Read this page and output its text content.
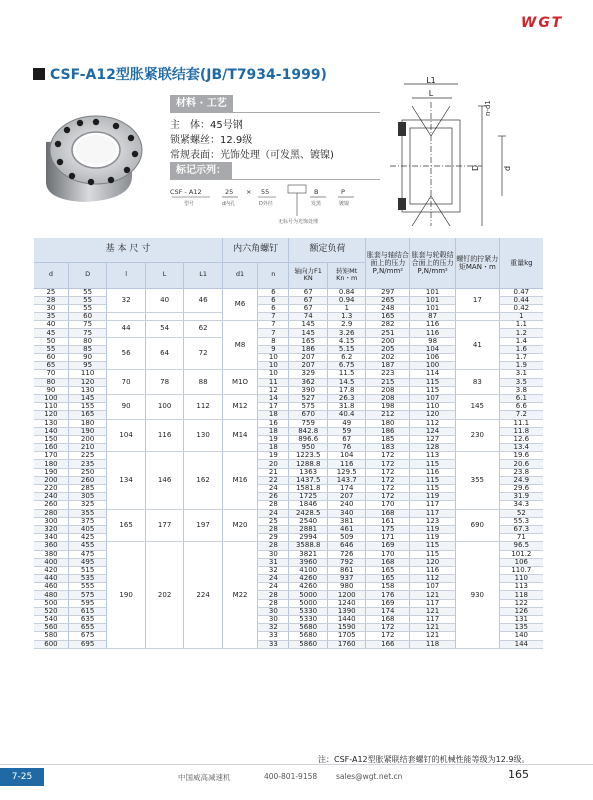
WGT
CSF-A12型胀紧联结套(JB/T7934-1999)
材料 · 工艺
主　体：45号钢
锁紧螺丝：12.9级
常规表面：光饰处理（可发黑、镀镍)
标记示列：
CSF - A12	25 × 55	B	P
型号	d内孔	D外径	发黑	镀镍
无标号为光饰处理
L1
L
n-d1
D	d
基 本 尺 寸					内六角螺钉		额定负荷		胀套与轴结合面上的压力P,N/mm²	胀套与轮毂结合面上的压力P,N/mm²	螺钉的拧紧力矩MAN・m	重量kg
d	D	l	L	L1	d1	n	轴向力F1 KN	转矩Mt Kn・m				
25	55	32	40	46	M6	6	67	0.84	297	101	17	0.47
28	55					6	67	0.94	265	101		0.44
30	55					6	67	1	248	101		0.42
35	60					7	74	1.3	165	87		1
40	75	44	54	62	M8	7	145	2.9	282	116	41	1.1
45	75					7	145	3.26	251	116		1.2
50	80	56	64	72		8	165	4.15	200	98		1.4
55	85					9	186	5.15	205	104		1.6
60	90					10	207	6.2	202	106		1.7
65	95					10	207	6.75	187	100		1.9
70	110	70	78	88	M1O	10	329	11.5	223	114	83	3.1
80	120					11	362	14.5	215	115		3.5
90	130					12	390	17.8	208	115		3.8
100	145	90	100	112	M12	14	527	26.3	208	107	145	6.1
110	155					17	575	31.8	198	110		6.6
120	165					18	670	40.4	212	120		7.2
130	180	104	116	130	M14	16	759	49	180	112	230	11.1
140	190					18	842.8	59	186	124		11.8
150	200					19	896.6	67	185	127		12.6
160	210					18	950	76	183	128		13.4
170	225	134	146	162	M16	19	1223.5	104	172	113	355	19.6
180	235					20	1288.8	116	172	115		20.6
190	250					21	1363	129.5	172	116		23.8
200	260					22	1437.5	143.7	172	115		24.9
220	285					24	1581.8	174	172	115		29.6
240	305					26	1725	207	172	119		31.9
260	325					28	1846	240	170	117		34.3
280	355	165	177	197	M20	24	2428.5	340	168	117	690	52
300	375					25	2540	381	161	123		55.3
320	405					28	2881	461	175	119		67.3
340	425					29	2994	509	171	119		71
360	455	190	202	224	M22	28	3588.8	646	169	115	930	96.5
380	475					30	3821	726	170	115		101.2
400	495					31	3960	792	168	120		106
420	515					32	4100	861	165	116		110.7
440	535					24	4260	937	165	112		110
460	555					24	4260	980	158	107		113
480	575					28	5000	1200	176	121		118
500	595					28	5000	1240	169	117		122
520	615					30	5330	1390	174	121		126
540	635					30	5330	1440	168	117		131
560	655					32	5680	1590	172	121		135
580	675					33	5680	1705	172	121		140
600	695					33	5860	1760	166	118		144
注：CSF-A12型胀紧联结套螺钉的机械性能等级为12.9级。
7-25	中国威高减速机	400-801-9158	sales@wgt.net.cn	165
